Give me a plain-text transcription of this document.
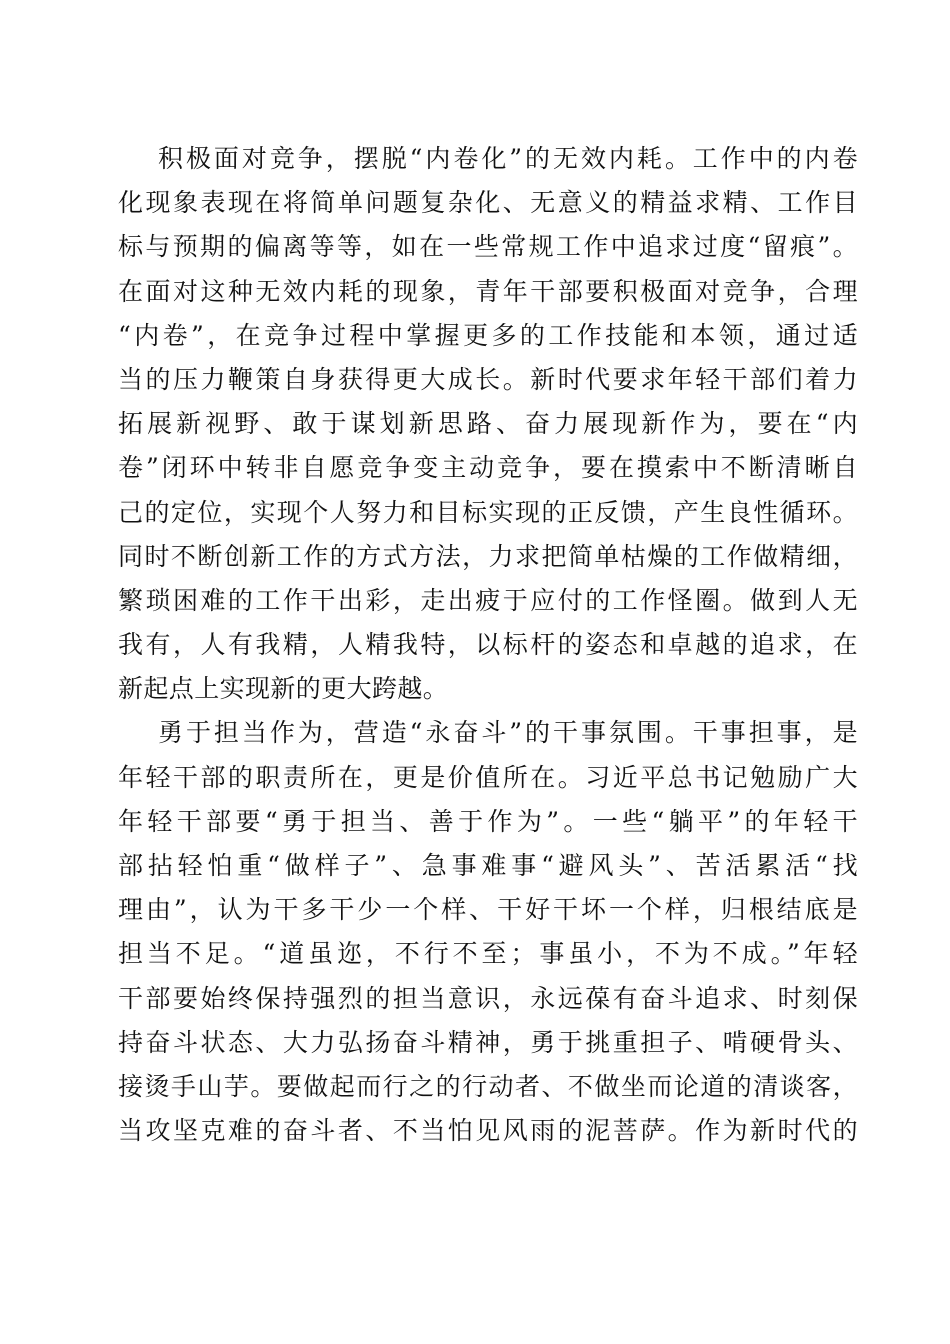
积极面对竞争，摆脱“内卷化”的无效内耗。工作中的内卷
化现象表现在将简单问题复杂化、无意义的精益求精、工作目
标与预期的偏离等等，如在一些常规工作中追求过度“留痕”。
在面对这种无效内耗的现象，青年干部要积极面对竞争，合理
“内卷”，在竞争过程中掌握更多的工作技能和本领，通过适
当的压力鞭策自身获得更大成长。新时代要求年轻干部们着力
拓展新视野、敢于谋划新思路、奋力展现新作为，要在“内
卷”闭环中转非自愿竞争变主动竞争，要在摸索中不断清晰自
己的定位，实现个人努力和目标实现的正反馈，产生良性循环。
同时不断创新工作的方式方法，力求把简单枯燥的工作做精细，
繁琐困难的工作干出彩，走出疲于应付的工作怪圈。做到人无
我有，人有我精，人精我特，以标杆的姿态和卓越的追求，在
新起点上实现新的更大跨越。
勇于担当作为，营造“永奋斗”的干事氛围。干事担事，是
年轻干部的职责所在，更是价值所在。习近平总书记勉励广大
年轻干部要“勇于担当、善于作为”。一些“躺平”的年轻干
部拈轻怕重“做样子”、急事难事“避风头”、苦活累活“找
理由”，认为干多干少一个样、干好干坏一个样，归根结底是
担当不足。“道虽迩，不行不至；事虽小，不为不成。”年轻
干部要始终保持强烈的担当意识，永远葆有奋斗追求、时刻保
持奋斗状态、大力弘扬奋斗精神，勇于挑重担子、啃硬骨头、
接烫手山芋。要做起而行之的行动者、不做坐而论道的清谈客，
当攻坚克难的奋斗者、不当怕见风雨的泥菩萨。作为新时代的
